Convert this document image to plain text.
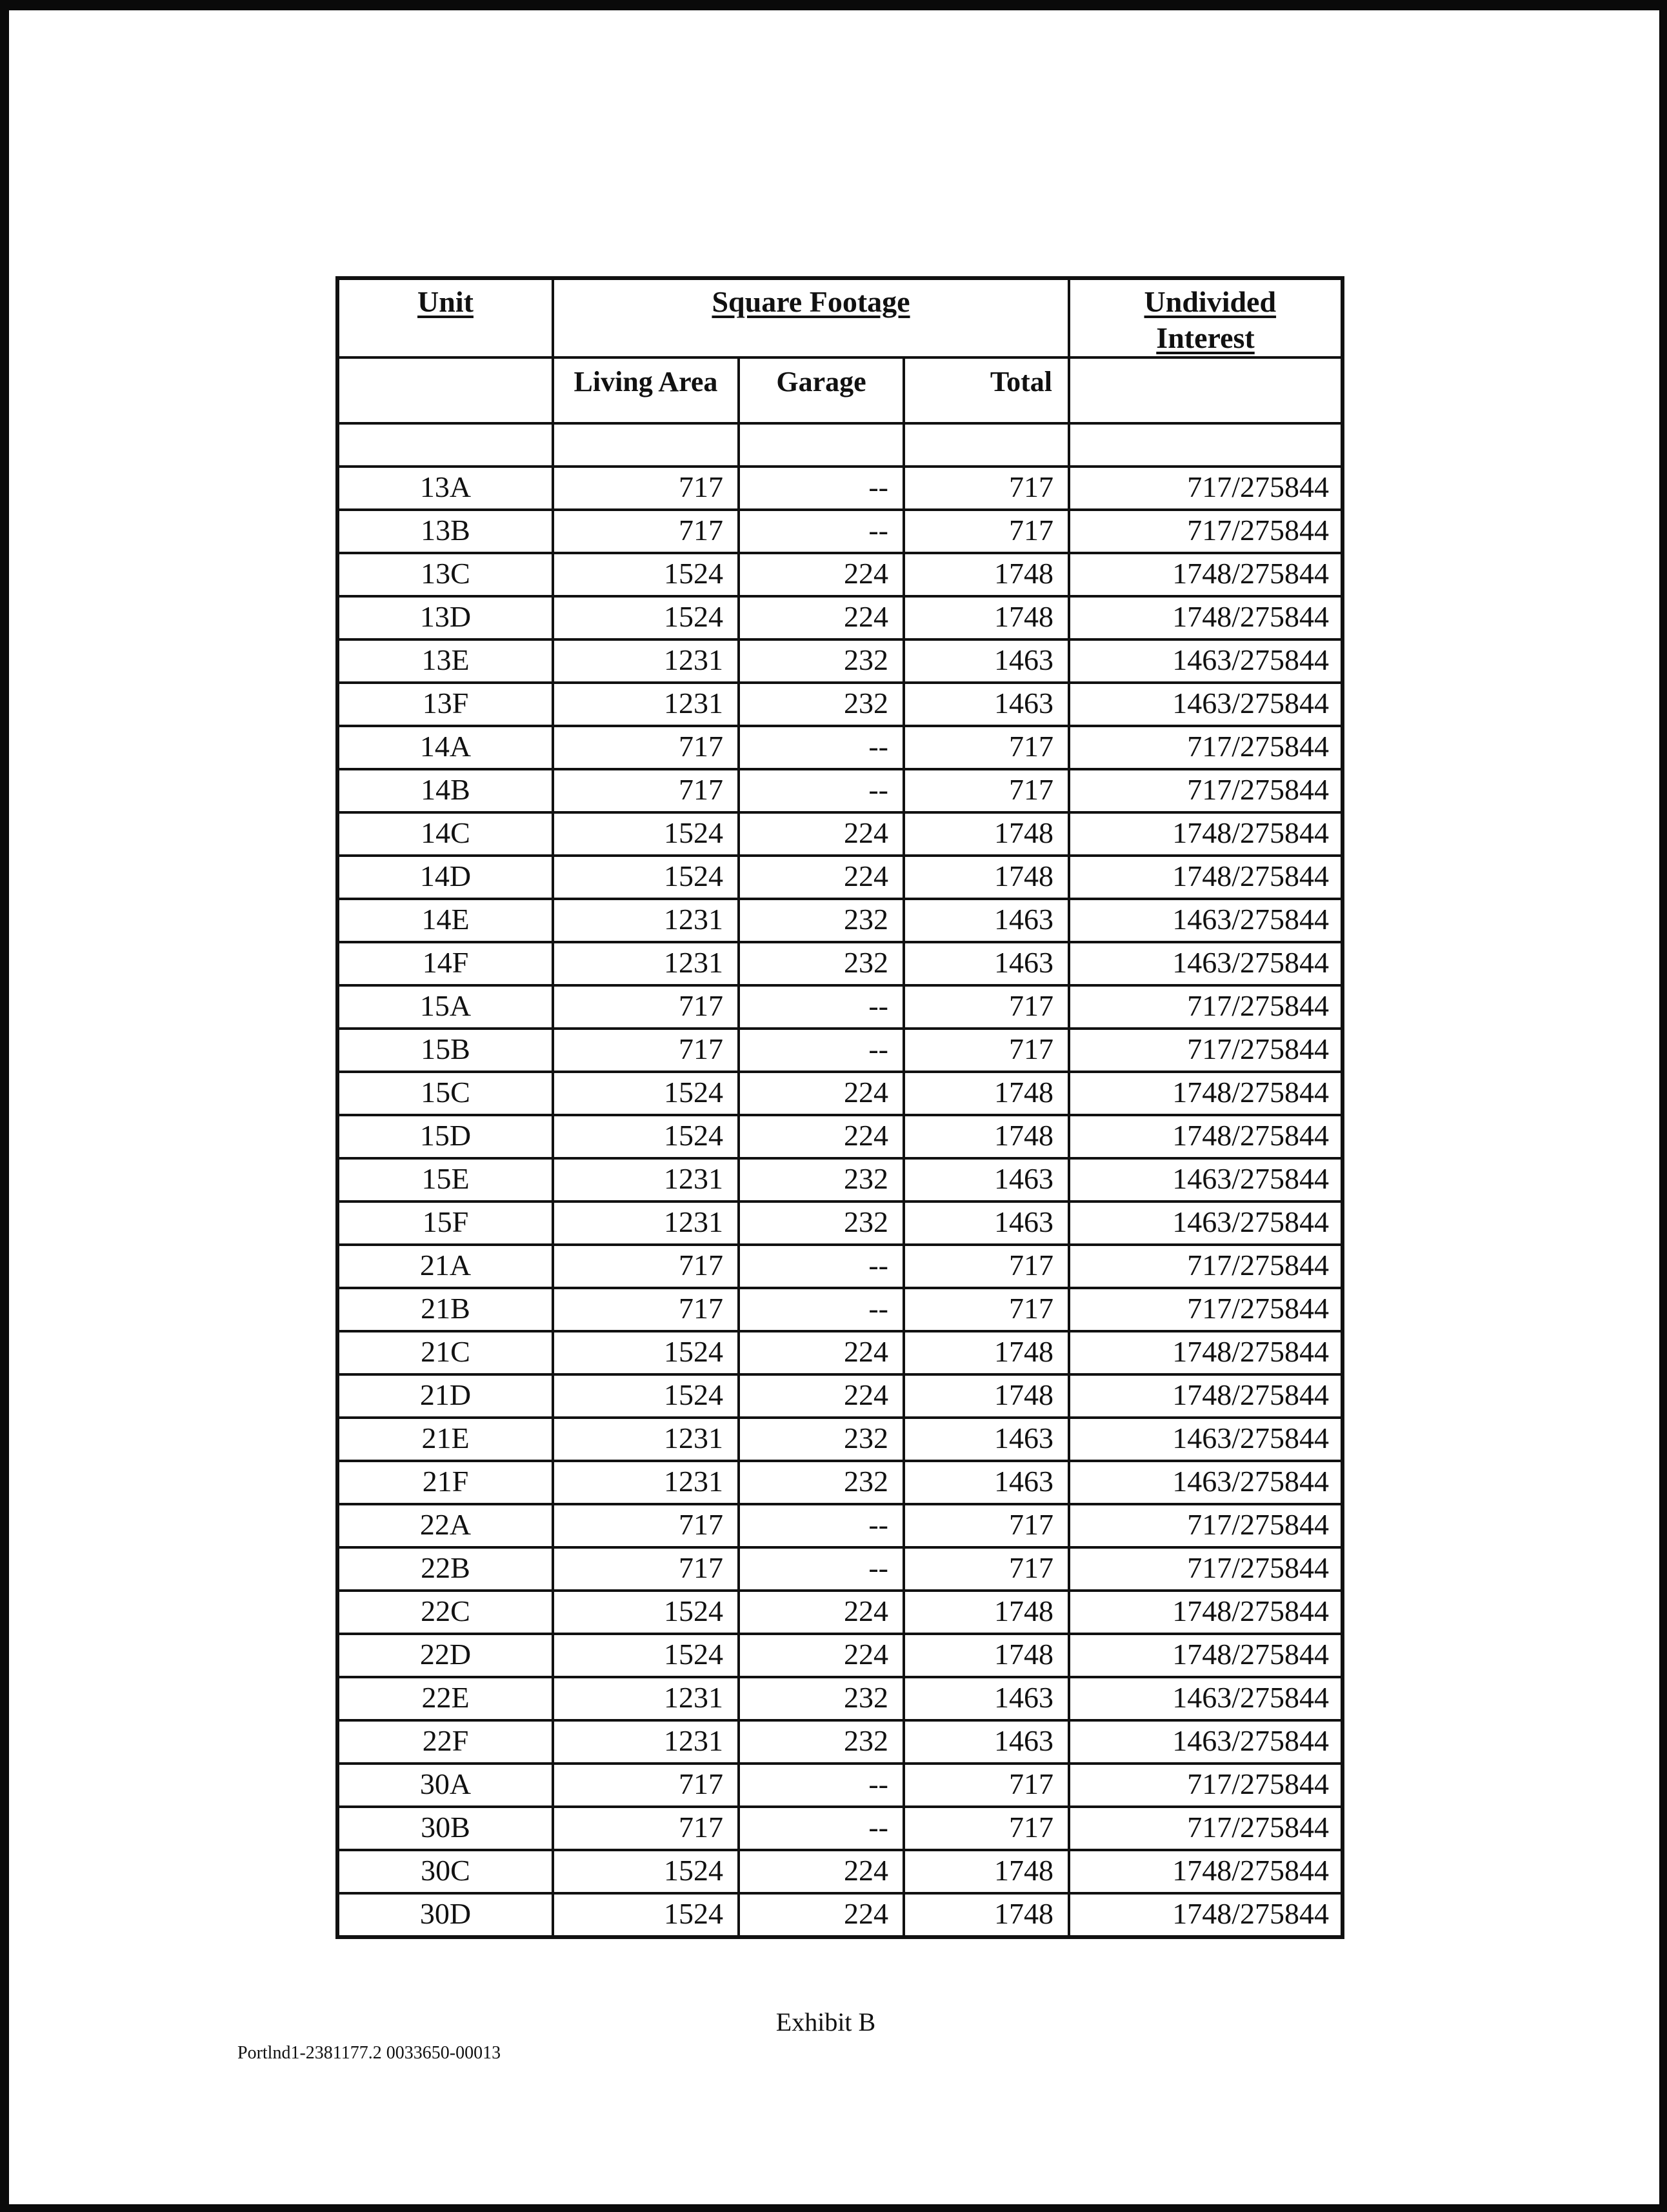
Unit	Square Footage			Undivided Interest
	Living Area	Garage	Total	

13A	717	--	717	717/275844
13B	717	--	717	717/275844
13C	1524	224	1748	1748/275844
13D	1524	224	1748	1748/275844
13E	1231	232	1463	1463/275844
13F	1231	232	1463	1463/275844
14A	717	--	717	717/275844
14B	717	--	717	717/275844
14C	1524	224	1748	1748/275844
14D	1524	224	1748	1748/275844
14E	1231	232	1463	1463/275844
14F	1231	232	1463	1463/275844
15A	717	--	717	717/275844
15B	717	--	717	717/275844
15C	1524	224	1748	1748/275844
15D	1524	224	1748	1748/275844
15E	1231	232	1463	1463/275844
15F	1231	232	1463	1463/275844
21A	717	--	717	717/275844
21B	717	--	717	717/275844
21C	1524	224	1748	1748/275844
21D	1524	224	1748	1748/275844
21E	1231	232	1463	1463/275844
21F	1231	232	1463	1463/275844
22A	717	--	717	717/275844
22B	717	--	717	717/275844
22C	1524	224	1748	1748/275844
22D	1524	224	1748	1748/275844
22E	1231	232	1463	1463/275844
22F	1231	232	1463	1463/275844
30A	717	--	717	717/275844
30B	717	--	717	717/275844
30C	1524	224	1748	1748/275844
30D	1524	224	1748	1748/275844
Exhibit B
Portlnd1-2381177.2 0033650-00013
